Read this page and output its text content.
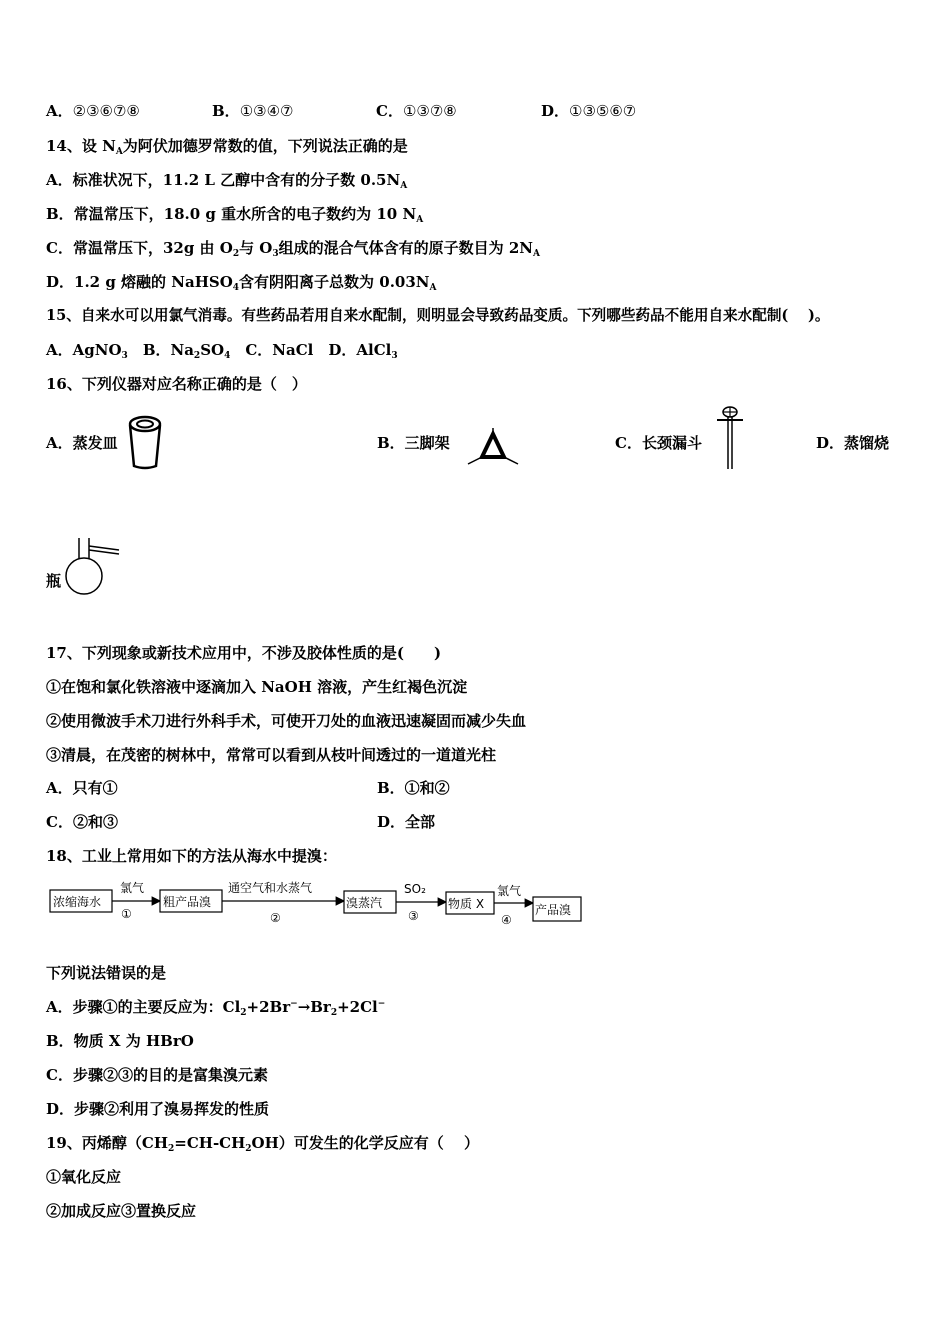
A．②③⑥⑦⑧	B．①③④⑦	C．①③⑦⑧	D．①③⑤⑥⑦
14、设 $N_A$为阿伏加德罗常数的值，下列说法正确的是
A．标准状况下，11.2 L 乙醇中含有的分子数 $0.5N_A$
B．常温常压下，18.0 g 重水所含的电子数约为 10 $N_A$
C．常温常压下，32g 由 $O_2$与 $O_3$组成的混合气体含有的原子数目为 $2N_A$
D．1.2 g 熔融的 NaHSO$_4$含有阴阳离子总数为 $0.03N_A$
15、自来水可以用氯气消毒。有些药品若用自来水配制，则明显会导致药品变质。下列哪些药品不能用自来水配制(　 )。
A．AgNO$_3$　B．$Na_2SO_4$　C．NaCl　D．AlCl$_3$
16、下列仪器对应名称正确的是（　）
A．蒸发皿	B．三脚架	C．长颈漏斗	D．蒸馏烧
瓶
17、下列现象或新技术应用中，不涉及胶体性质的是(　　)
①在饱和氯化铁溶液中逐滴加入 NaOH 溶液，产生红褐色沉淀
②使用微波手术刀进行外科手术，可使开刀处的血液迅速凝固而减少失血
③清晨，在茂密的树林中，常常可以看到从枝叶间透过的一道道光柱
A．只有①	B．①和②
C．②和③	D．全部
18、工业上常用如下的方法从海水中提溴：
浓缩海水
氯气
①
粗产品溴
通空气和水蒸气
②
溴蒸汽
SO₂
③
物质 X
氯气
④
产品溴
下列说法错误的是
A．步骤①的主要反应为：$Cl_2+2Br^-\to Br_2+2Cl^-$
B．物质 X 为 HBrO
C．步骤②③的目的是富集溴元素
D．步骤②利用了溴易挥发的性质
19、丙烯醇$(CH_2=CH-CH_2OH)$可发生的化学反应有（　 ）
①氧化反应
②加成反应③置换反应
